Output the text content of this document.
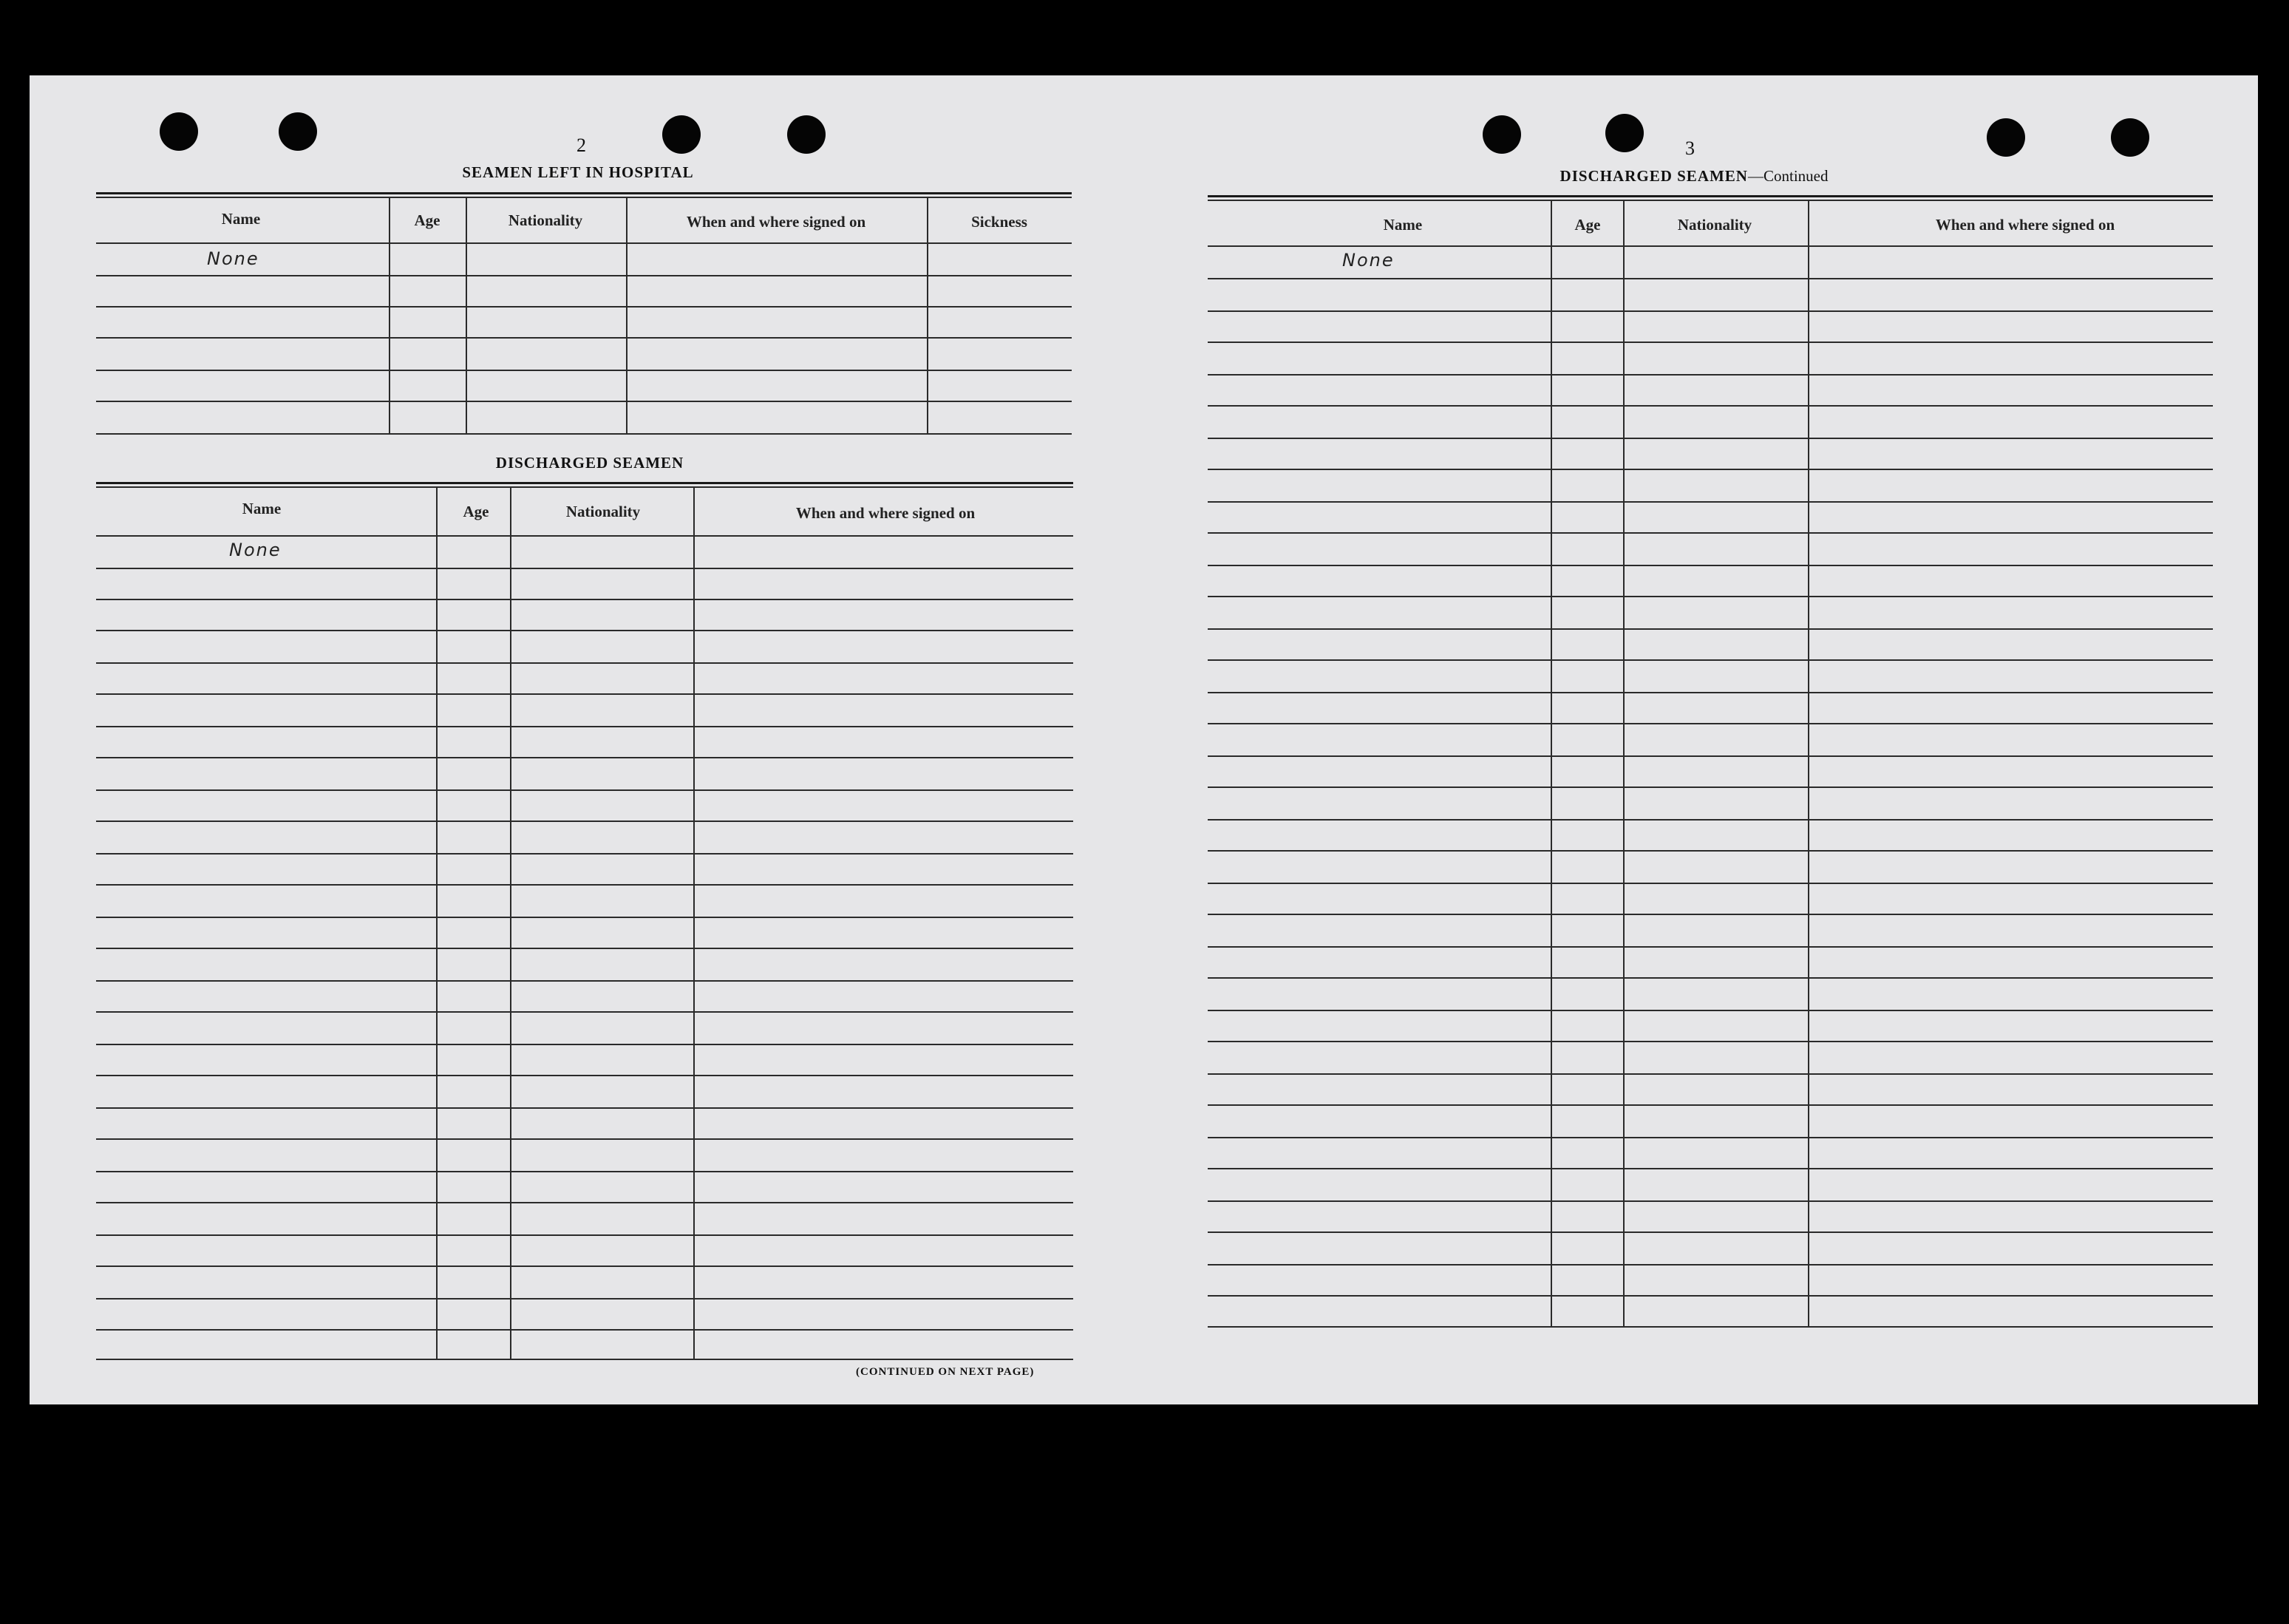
2
SEAMEN LEFT IN HOSPITAL
Name	Age	Nationality	When and where signed on	Sickness
None
DISCHARGED SEAMEN
Name	Age	Nationality	When and where signed on
None
(CONTINUED ON NEXT PAGE)
3
DISCHARGED SEAMEN—Continued
Name	Age	Nationality	When and where signed on
None
